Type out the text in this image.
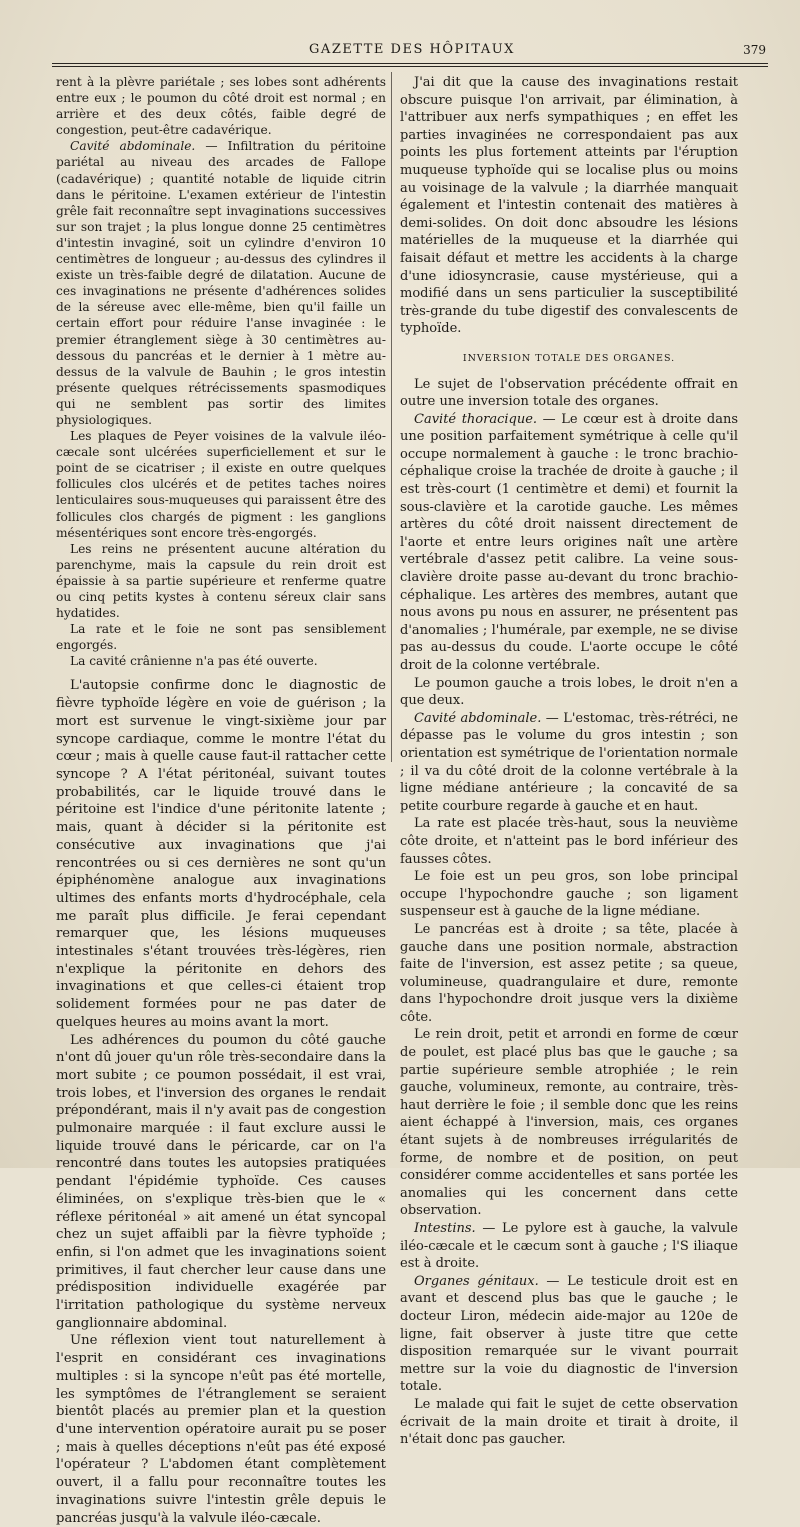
GAZETTE DES HÔPITAUX	379

rent à la plèvre pariétale ; ses lobes sont adhérents entre eux ; le poumon du côté droit est normal ; en arrière et des deux côtés, faible degré de congestion, peut-être cadavérique.

Cavité abdominale. — Infiltration du péritoine pariétal au niveau des arcades de Fallope (cadavérique) ; quantité notable de liquide citrin dans le péritoine. L'examen extérieur de l'intestin grêle fait reconnaître sept invaginations successives sur son trajet ; la plus longue donne 25 centimètres d'intestin invaginé, soit un cylindre d'environ 10 centimètres de longueur ; au-dessus des cylindres il existe un très-faible degré de dilatation. Aucune de ces invaginations ne présente d'adhérences solides de la séreuse avec elle-même, bien qu'il faille un certain effort pour réduire l'anse invaginée : le premier étranglement siège à 30 centimètres au-dessous du pancréas et le dernier à 1 mètre au-dessus de la valvule de Bauhin ; le gros intestin présente quelques rétrécissements spasmodiques qui ne semblent pas sortir des limites physiologiques.

Les plaques de Peyer voisines de la valvule iléo-cæcale sont ulcérées superficiellement et sur le point de se cicatriser ; il existe en outre quelques follicules clos ulcérés et de petites taches noires lenticulaires sous-muqueuses qui paraissent être des follicules clos chargés de pigment : les ganglions mésentériques sont encore très-engorgés.

Les reins ne présentent aucune altération du parenchyme, mais la capsule du rein droit est épaissie à sa partie supérieure et renferme quatre ou cinq petits kystes à contenu séreux clair sans hydatides.

La rate et le foie ne sont pas sensiblement engorgés.

La cavité crânienne n'a pas été ouverte.

L'autopsie confirme donc le diagnostic de fièvre typhoïde légère en voie de guérison ; la mort est survenue le vingt-sixième jour par syncope cardiaque, comme le montre l'état du cœur ; mais à quelle cause faut-il rattacher cette syncope ? A l'état péritonéal, suivant toutes probabilités, car le liquide trouvé dans le péritoine est l'indice d'une péritonite latente ; mais, quant à décider si la péritonite est consécutive aux invaginations que j'ai rencontrées ou si ces dernières ne sont qu'un épiphénomène analogue aux invaginations ultimes des enfants morts d'hydrocéphale, cela me paraît plus difficile. Je ferai cependant remarquer que, les lésions muqueuses intestinales s'étant trouvées très-légères, rien n'explique la péritonite en dehors des invaginations et que celles-ci étaient trop solidement formées pour ne pas dater de quelques heures au moins avant la mort.

Les adhérences du poumon du côté gauche n'ont dû jouer qu'un rôle très-secondaire dans la mort subite ; ce poumon possédait, il est vrai, trois lobes, et l'inversion des organes le rendait prépondérant, mais il n'y avait pas de congestion pulmonaire marquée : il faut exclure aussi le liquide trouvé dans le péricarde, car on l'a rencontré dans toutes les autopsies pratiquées pendant l'épidémie typhoïde. Ces causes éliminées, on s'explique très-bien que le « réflexe péritonéal » ait amené un état syncopal chez un sujet affaibli par la fièvre typhoïde ; enfin, si l'on admet que les invaginations soient primitives, il faut chercher leur cause dans une prédisposition individuelle exagérée par l'irritation pathologique du système nerveux ganglionnaire abdominal.

Une réflexion vient tout naturellement à l'esprit en considérant ces invaginations multiples : si la syncope n'eût pas été mortelle, les symptômes de l'étranglement se seraient bientôt placés au premier plan et la question d'une intervention opératoire aurait pu se poser ; mais à quelles déceptions n'eût pas été exposé l'opérateur ? L'abdomen étant complètement ouvert, il a fallu pour reconnaître toutes les invaginations suivre l'intestin grêle depuis le pancréas jusqu'à la valvule iléo-cæcale.

J'ai dit que la cause des invaginations restait obscure puisque l'on arrivait, par élimination, à l'attribuer aux nerfs sympathiques ; en effet les parties invaginées ne correspondaient pas aux points les plus fortement atteints par l'éruption muqueuse typhoïde qui se localise plus ou moins au voisinage de la valvule ; la diarrhée manquait également et l'intestin contenait des matières à demi-solides. On doit donc absoudre les lésions matérielles de la muqueuse et la diarrhée qui faisait défaut et mettre les accidents à la charge d'une idiosyncrasie, cause mystérieuse, qui a modifié dans un sens particulier la susceptibilité très-grande du tube digestif des convalescents de typhoïde.

INVERSION TOTALE DES ORGANES.

Le sujet de l'observation précédente offrait en outre une inversion totale des organes.

Cavité thoracique. — Le cœur est à droite dans une position parfaitement symétrique à celle qu'il occupe normalement à gauche : le tronc brachio-céphalique croise la trachée de droite à gauche ; il est très-court (1 centimètre et demi) et fournit la sous-clavière et la carotide gauche. Les mêmes artères du côté droit naissent directement de l'aorte et entre leurs origines naît une artère vertébrale d'assez petit calibre. La veine sous-clavière droite passe au-devant du tronc brachio-céphalique. Les artères des membres, autant que nous avons pu nous en assurer, ne présentent pas d'anomalies ; l'humérale, par exemple, ne se divise pas au-dessus du coude. L'aorte occupe le côté droit de la colonne vertébrale.

Le poumon gauche a trois lobes, le droit n'en a que deux.

Cavité abdominale. — L'estomac, très-rétréci, ne dépasse pas le volume du gros intestin ; son orientation est symétrique de l'orientation normale ; il va du côté droit de la colonne vertébrale à la ligne médiane antérieure ; la concavité de sa petite courbure regarde à gauche et en haut.

La rate est placée très-haut, sous la neuvième côte droite, et n'atteint pas le bord inférieur des fausses côtes.

Le foie est un peu gros, son lobe principal occupe l'hypochondre gauche ; son ligament suspenseur est à gauche de la ligne médiane.

Le pancréas est à droite ; sa tête, placée à gauche dans une position normale, abstraction faite de l'inversion, est assez petite ; sa queue, volumineuse, quadrangulaire et dure, remonte dans l'hypochondre droit jusque vers la dixième côte.

Le rein droit, petit et arrondi en forme de cœur de poulet, est placé plus bas que le gauche ; sa partie supérieure semble atrophiée ; le rein gauche, volumineux, remonte, au contraire, très-haut derrière le foie ; il semble donc que les reins aient échappé à l'inversion, mais, ces organes étant sujets à de nombreuses irrégularités de forme, de nombre et de position, on peut considérer comme accidentelles et sans portée les anomalies qui les concernent dans cette observation.

Intestins. — Le pylore est à gauche, la valvule iléo-cæcale et le cæcum sont à gauche ; l'S iliaque est à droite.

Organes génitaux. — Le testicule droit est en avant et descend plus bas que le gauche ; le docteur Liron, médecin aide-major au 120e de ligne, fait observer à juste titre que cette disposition remarquée sur le vivant pourrait mettre sur la voie du diagnostic de l'inversion totale.

Le malade qui fait le sujet de cette observation écrivait de la main droite et tirait à droite, il n'était donc pas gaucher.
